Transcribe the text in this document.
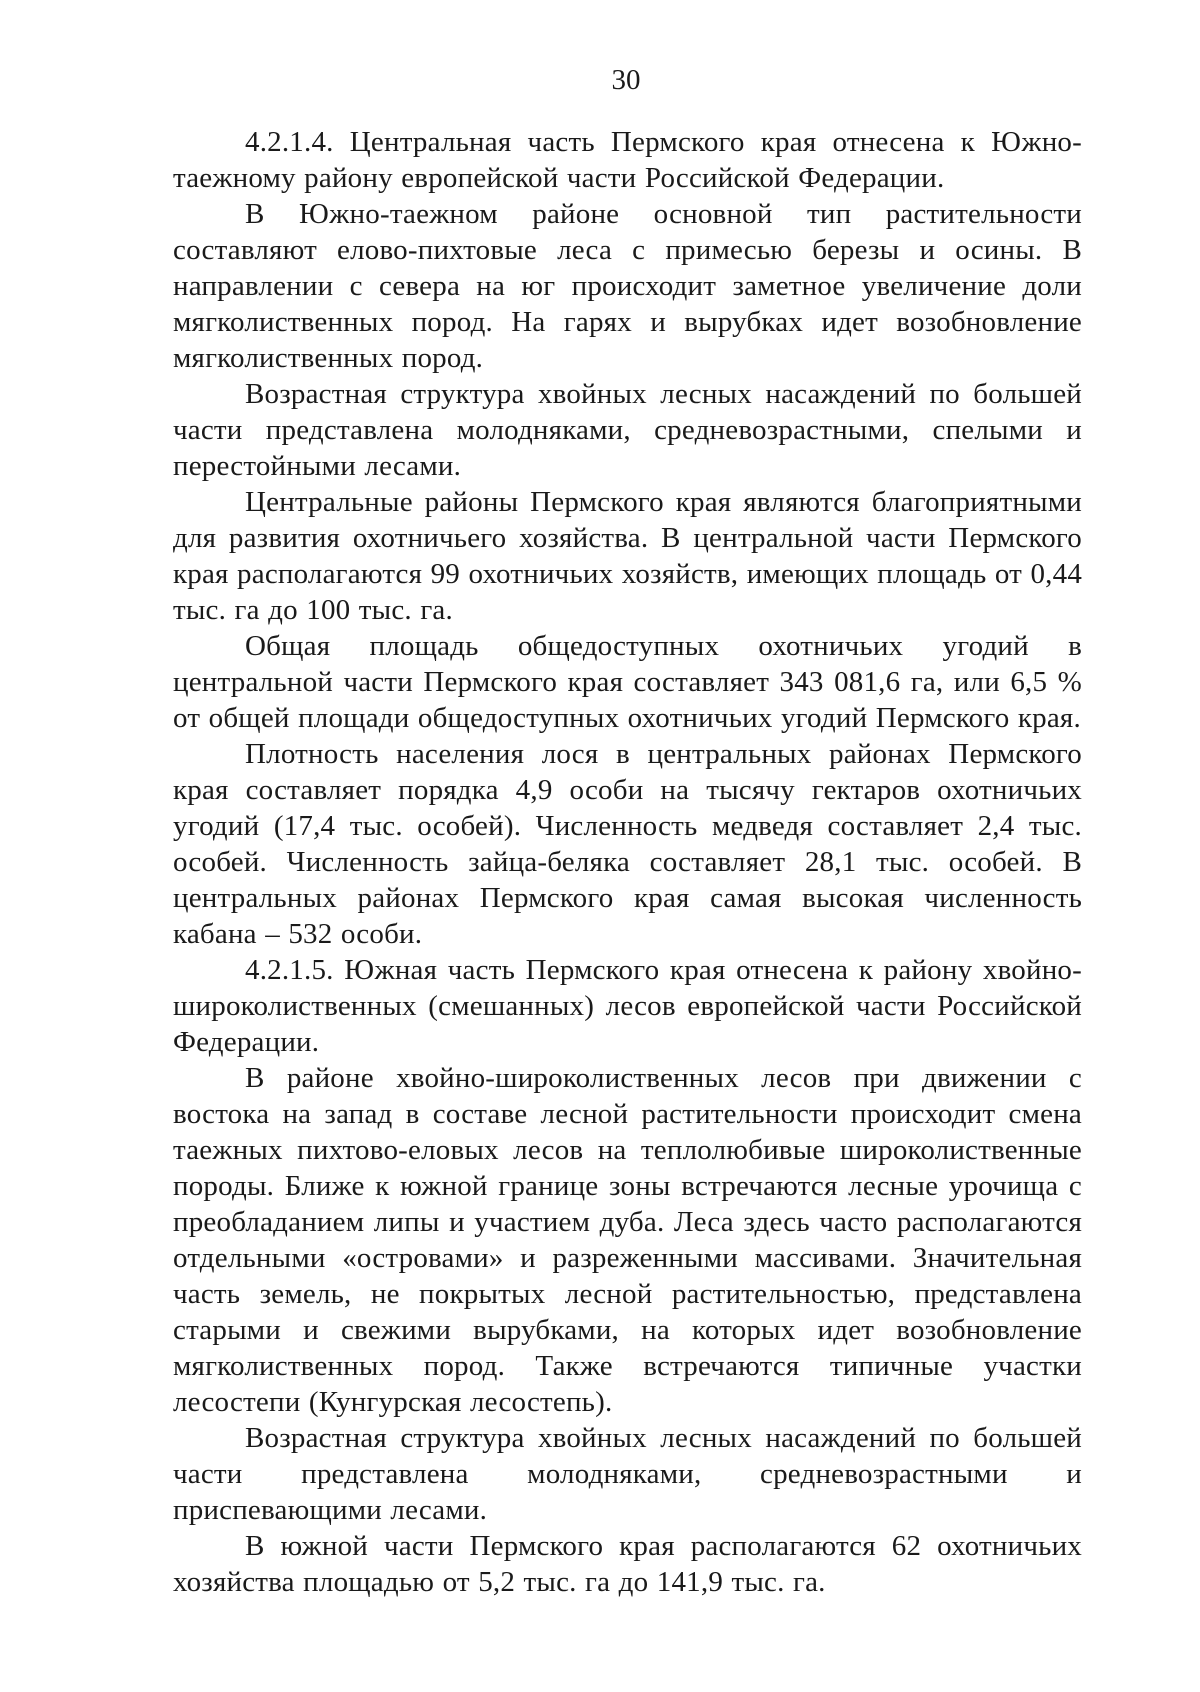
30

4.2.1.4. Центральная часть Пермского края отнесена к Южно-таежному району европейской части Российской Федерации.

В Южно-таежном районе основной тип растительности составляют елово-пихтовые леса с примесью березы и осины. В направлении с севера на юг происходит заметное увеличение доли мягколиственных пород. На гарях и вырубках идет возобновление мягколиственных пород.

Возрастная структура хвойных лесных насаждений по большей части представлена молодняками, средневозрастными, спелыми и перестойными лесами.

Центральные районы Пермского края являются благоприятными для развития охотничьего хозяйства. В центральной части Пермского края располагаются 99 охотничьих хозяйств, имеющих площадь от 0,44 тыс. га до 100 тыс. га.

Общая площадь общедоступных охотничьих угодий в центральной части Пермского края составляет 343 081,6 га, или 6,5 % от общей площади общедоступных охотничьих угодий Пермского края.

Плотность населения лося в центральных районах Пермского края составляет порядка 4,9 особи на тысячу гектаров охотничьих угодий (17,4 тыс. особей). Численность медведя составляет 2,4 тыс. особей. Численность зайца-беляка составляет 28,1 тыс. особей. В центральных районах Пермского края самая высокая численность кабана – 532 особи.

4.2.1.5. Южная часть Пермского края отнесена к району хвойно-широколиственных (смешанных) лесов европейской части Российской Федерации.

В районе хвойно-широколиственных лесов при движении с востока на запад в составе лесной растительности происходит смена таежных пихтово-еловых лесов на теплолюбивые широколиственные породы. Ближе к южной границе зоны встречаются лесные урочища с преобладанием липы и участием дуба. Леса здесь часто располагаются отдельными «островами» и разреженными массивами. Значительная часть земель, не покрытых лесной растительностью, представлена старыми и свежими вырубками, на которых идет возобновление мягколиственных пород. Также встречаются типичные участки лесостепи (Кунгурская лесостепь).

Возрастная структура хвойных лесных насаждений по большей части представлена молодняками, средневозрастными и приспевающими лесами.

В южной части Пермского края располагаются 62 охотничьих хозяйства площадью от 5,2 тыс. га до 141,9 тыс. га.
